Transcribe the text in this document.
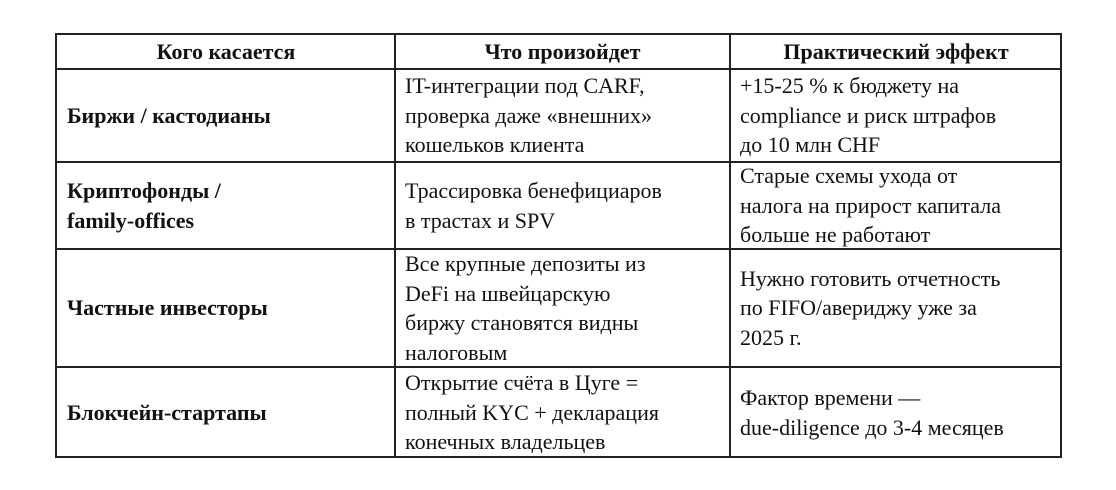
Кого касается	Что произойдет	Практический эффект
Биржи / кастодианы
IT-интеграции под CARF,
проверка даже «внешних»
кошельков клиента
+15-25 % к бюджету на
compliance и риск штрафов
до 10 млн CHF
Криптофонды /
family-offices
Трассировка бенефициаров
в трастах и SPV
Старые схемы ухода от
налога на прирост капитала
больше не работают
Частные инвесторы
Все крупные депозиты из
DeFi на швейцарскую
биржу становятся видны
налоговым
Нужно готовить отчетность
по FIFO/авериджу уже за
2025 г.
Блокчейн-стартапы
Открытие счёта в Цуге =
полный KYC + декларация
конечных владельцев
Фактор времени —
due-diligence до 3-4 месяцев
